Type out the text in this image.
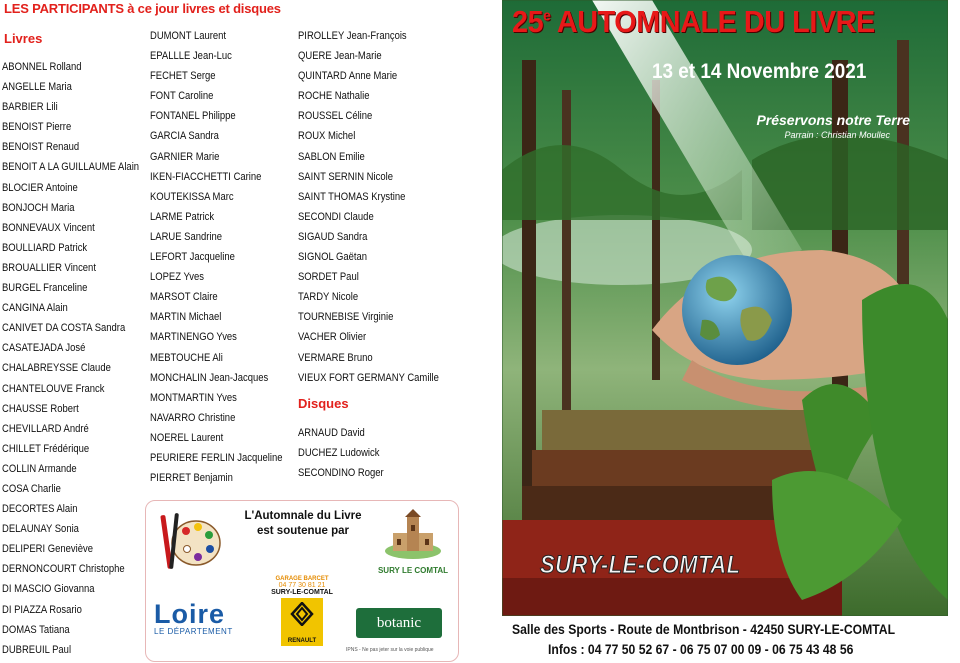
LES PARTICIPANTS à ce jour livres et disques
Livres
ABONNEL Rolland
ANGELLE Maria
BARBIER Lili
BENOIST Pierre
BENOIST Renaud
BENOIT A LA GUILLAUME Alain
BLOCIER Antoine
BONJOCH Maria
BONNEVAUX Vincent
BOULLIARD Patrick
BROUALLIER Vincent
BURGEL Franceline
CANGINA Alain
CANIVET DA COSTA Sandra
CASATEJADA José
CHALABREYSSE Claude
CHANTELOUVE Franck
CHAUSSE Robert
CHEVILLARD André
CHILLET Frédérique
COLLIN Armande
COSA Charlie
DECORTES Alain
DELAUNAY Sonia
DELIPERI Geneviève
DERNONCOURT Christophe
DI MASCIO Giovanna
DI PIAZZA Rosario
DOMAS Tatiana
DUBREUIL Paul
DUMONT Laurent
EPALLLE Jean-Luc
FECHET Serge
FONT Caroline
FONTANEL Philippe
GARCIA Sandra
GARNIER Marie
IKEN-FIACCHETTI Carine
KOUTEKISSA Marc
LARME Patrick
LARUE Sandrine
LEFORT Jacqueline
LOPEZ Yves
MARSOT Claire
MARTIN Michael
MARTINENGO Yves
MEBTOUCHE Ali
MONCHALIN Jean-Jacques
MONTMARTIN Yves
NAVARRO Christine
NOEREL Laurent
PEURIERE FERLIN Jacqueline
PIERRET Benjamin
PIROLLEY Jean-François
QUERE Jean-Marie
QUINTARD Anne Marie
ROCHE Nathalie
ROUSSEL Céline
ROUX Michel
SABLON Emilie
SAINT SERNIN Nicole
SAINT THOMAS Krystine
SECONDI Claude
SIGAUD Sandra
SIGNOL Gaëtan
SORDET Paul
TARDY Nicole
TOURNEBISE Virginie
VACHER Olivier
VERMARE Bruno
VIEUX FORT GERMANY Camille
Disques
ARNAUD David
DUCHEZ Ludowick
SECONDINO Roger
L'Automnale du Livre
est soutenue par
SURY LE COMTAL
Loire
LE DÉPARTEMENT
GARAGE BARCET
04 77 30 81 21
SURY-LE-COMTAL
RENAULT
botanic
IPNS - Ne pas jeter sur la voie publique
25e AUTOMNALE DU LIVRE
13 et 14 Novembre 2021
Préservons notre Terre
Parrain : Christian Moullec
SURY-LE-COMTAL
Salle des Sports - Route de Montbrison - 42450 SURY-LE-COMTAL
Infos : 04 77 50 52 67 - 06 75 07 00 09 - 06 75 43 48 56
